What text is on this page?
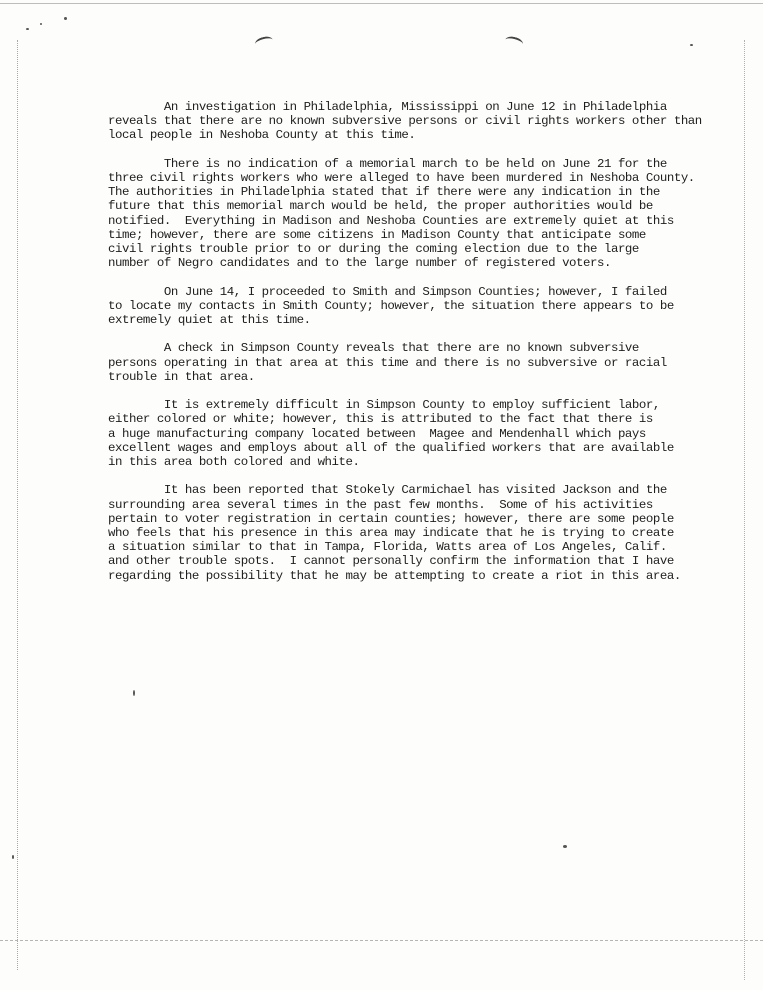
An investigation in Philadelphia, Mississippi on June 12 in Philadelphia
reveals that there are no known subversive persons or civil rights workers other than
local people in Neshoba County at this time.

There is no indication of a memorial march to be held on June 21 for the
three civil rights workers who were alleged to have been murdered in Neshoba County.
The authorities in Philadelphia stated that if there were any indication in the
future that this memorial march would be held, the proper authorities would be
notified.  Everything in Madison and Neshoba Counties are extremely quiet at this
time; however, there are some citizens in Madison County that anticipate some
civil rights trouble prior to or during the coming election due to the large
number of Negro candidates and to the large number of registered voters.

On June 14, I proceeded to Smith and Simpson Counties; however, I failed
to locate my contacts in Smith County; however, the situation there appears to be
extremely quiet at this time.

A check in Simpson County reveals that there are no known subversive
persons operating in that area at this time and there is no subversive or racial
trouble in that area.

It is extremely difficult in Simpson County to employ sufficient labor,
either colored or white; however, this is attributed to the fact that there is
a huge manufacturing company located between  Magee and Mendenhall which pays
excellent wages and employs about all of the qualified workers that are available
in this area both colored and white.

It has been reported that Stokely Carmichael has visited Jackson and the
surrounding area several times in the past few months.  Some of his activities
pertain to voter registration in certain counties; however, there are some people
who feels that his presence in this area may indicate that he is trying to create
a situation similar to that in Tampa, Florida, Watts area of Los Angeles, Calif.
and other trouble spots.  I cannot personally confirm the information that I have
regarding the possibility that he may be attempting to create a riot in this area.
